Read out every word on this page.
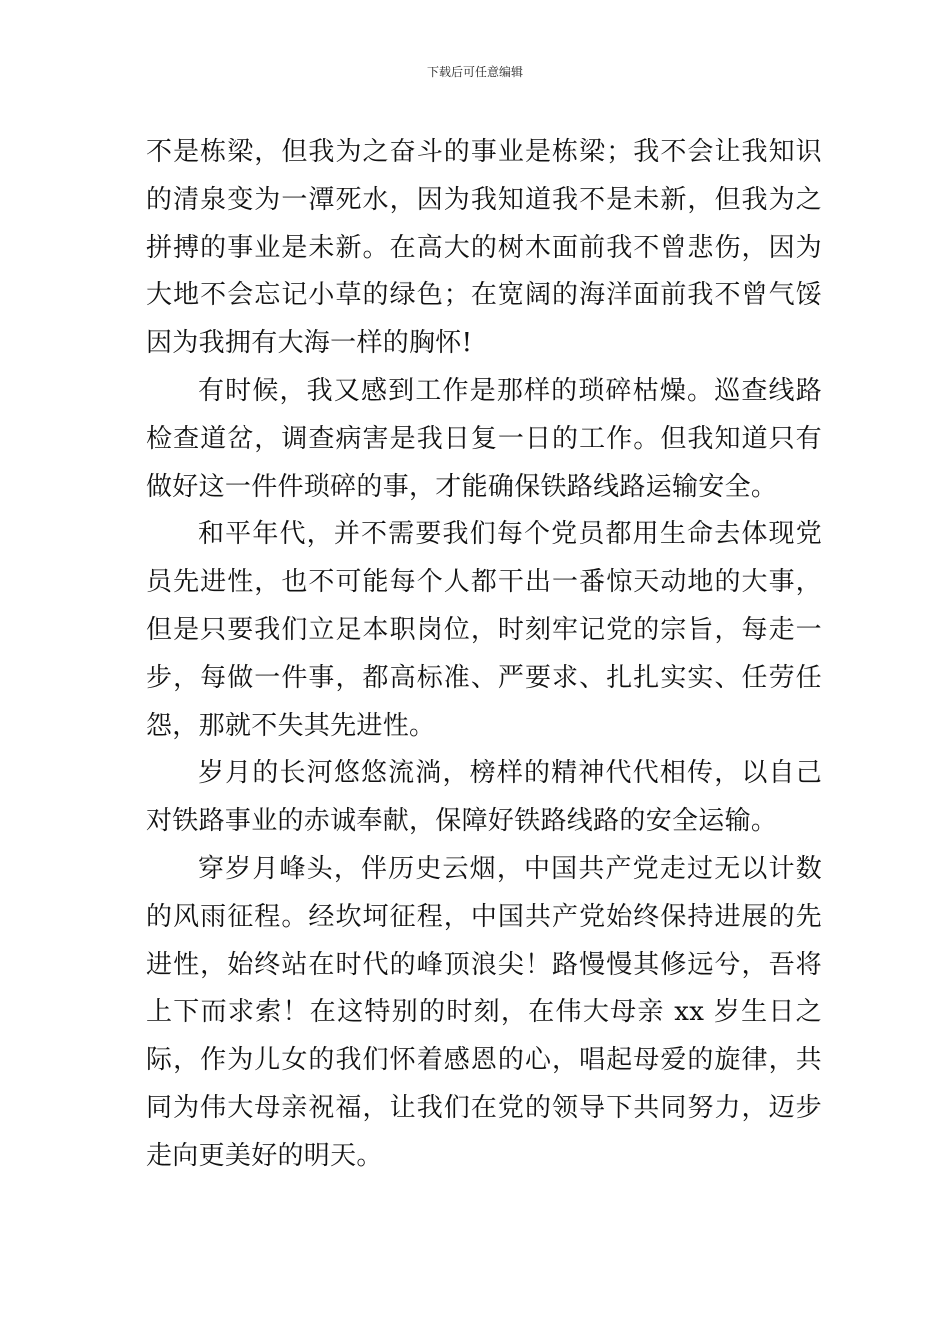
下载后可任意编辑

不是栋梁，但我为之奋斗的事业是栋梁；我不会让我知识的清泉变为一潭死水，因为我知道我不是未新，但我为之拼搏的事业是未新。在高大的树木面前我不曾悲伤，因为大地不会忘记小草的绿色；在宽阔的海洋面前我不曾气馁因为我拥有大海一样的胸怀!

有时候，我又感到工作是那样的琐碎枯燥。巡查线路检查道岔，调查病害是我日复一日的工作。但我知道只有做好这一件件琐碎的事，才能确保铁路线路运输安全。

和平年代，并不需要我们每个党员都用生命去体现党员先进性，也不可能每个人都干出一番惊天动地的大事，但是只要我们立足本职岗位，时刻牢记党的宗旨，每走一步，每做一件事，都高标准、严要求、扎扎实实、任劳任怨，那就不失其先进性。

岁月的长河悠悠流淌，榜样的精神代代相传，以自己对铁路事业的赤诚奉献，保障好铁路线路的安全运输。

穿岁月峰头，伴历史云烟，中国共产党走过无以计数的风雨征程。经坎坷征程，中国共产党始终保持进展的先进性，始终站在时代的峰顶浪尖！路慢慢其修远兮，吾将上下而求索！在这特别的时刻，在伟大母亲 xx 岁生日之际，作为儿女的我们怀着感恩的心，唱起母爱的旋律，共同为伟大母亲祝福，让我们在党的领导下共同努力，迈步走向更美好的明天。
